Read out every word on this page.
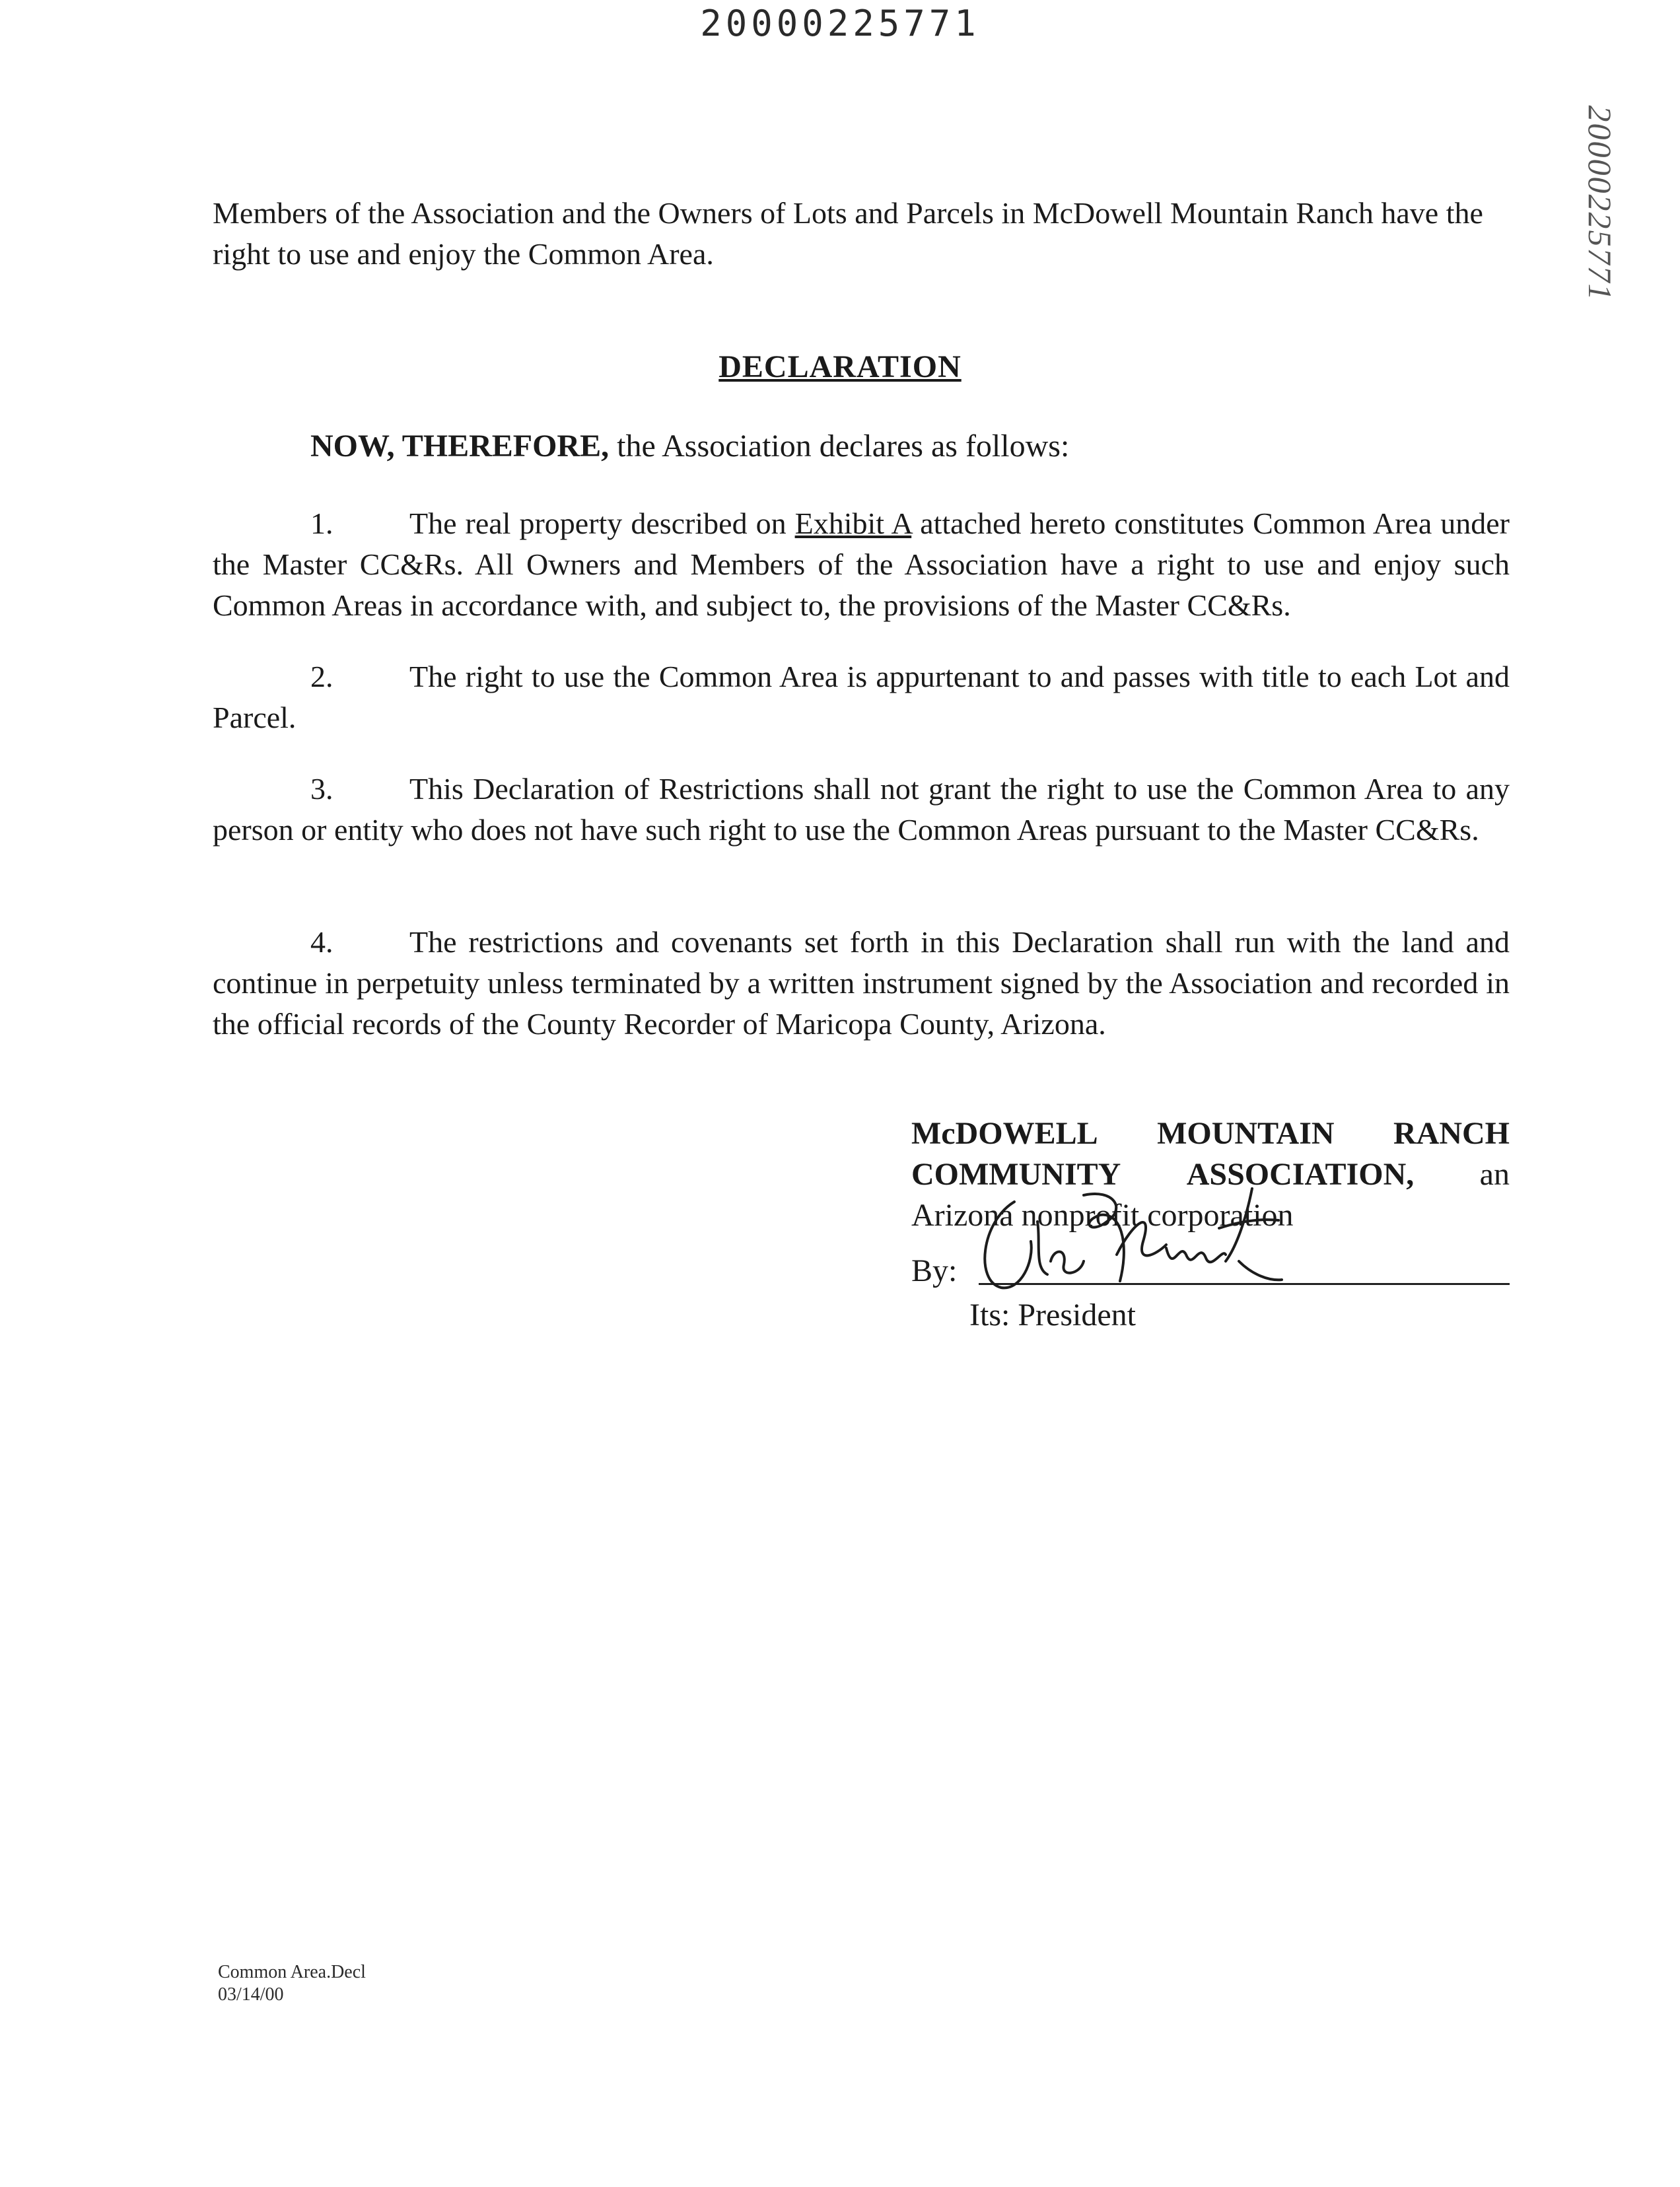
20000225771
20000225771
Members of the Association and the Owners of Lots and Parcels in McDowell Mountain Ranch have the right to use and enjoy the Common Area.
DECLARATION
NOW, THEREFORE, the Association declares as follows:
1.	The real property described on Exhibit A attached hereto constitutes Common Area under the Master CC&Rs. All Owners and Members of the Association have a right to use and enjoy such Common Areas in accordance with, and subject to, the provisions of the Master CC&Rs.
2.	The right to use the Common Area is appurtenant to and passes with title to each Lot and Parcel.
3.	This Declaration of Restrictions shall not grant the right to use the Common Area to any person or entity who does not have such right to use the Common Areas pursuant to the Master CC&Rs.
4.	The restrictions and covenants set forth in this Declaration shall run with the land and continue in perpetuity unless terminated by a written instrument signed by the Association and recorded in the official records of the County Recorder of Maricopa County, Arizona.
McDOWELL MOUNTAIN RANCH
COMMUNITY ASSOCIATION, an
Arizona nonprofit corporation
By:
Its: President
Common Area.Decl
03/14/00
